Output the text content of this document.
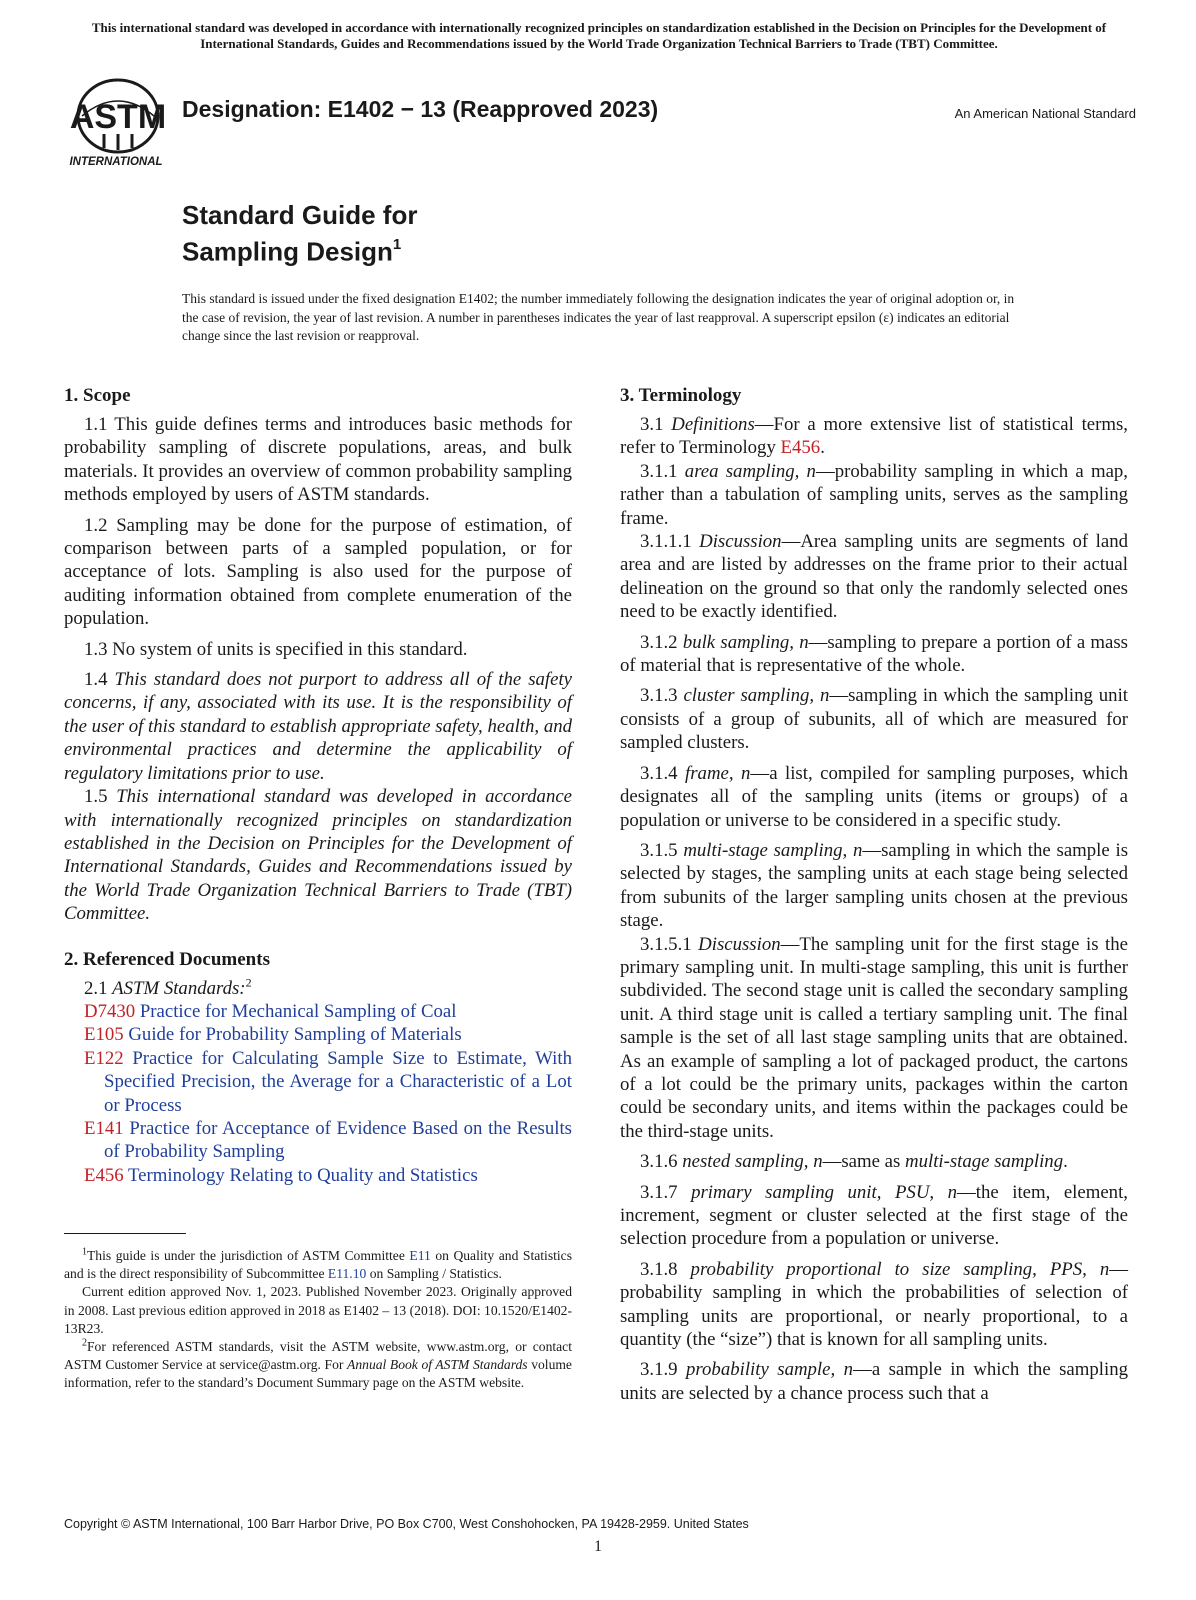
This international standard was developed in accordance with internationally recognized principles on standardization established in the Decision on Principles for the Development of International Standards, Guides and Recommendations issued by the World Trade Organization Technical Barriers to Trade (TBT) Committee.
ASTM
INTERNATIONAL
Designation: E1402 − 13 (Reapproved 2023)	An American National Standard
Standard Guide for
Sampling Design$^1$
This standard is issued under the fixed designation E1402; the number immediately following the designation indicates the year of original adoption or, in the case of revision, the year of last revision. A number in parentheses indicates the year of last reapproval. A superscript epsilon (ε) indicates an editorial change since the last revision or reapproval.
1. Scope

1.1 This guide defines terms and introduces basic methods for probability sampling of discrete populations, areas, and bulk materials. It provides an overview of common probability sampling methods employed by users of ASTM standards.

1.2 Sampling may be done for the purpose of estimation, of comparison between parts of a sampled population, or for acceptance of lots. Sampling is also used for the purpose of auditing information obtained from complete enumeration of the population.

1.3 No system of units is specified in this standard.

1.4 This standard does not purport to address all of the safety concerns, if any, associated with its use. It is the responsibility of the user of this standard to establish appropriate safety, health, and environmental practices and determine the applicability of regulatory limitations prior to use.

1.5 This international standard was developed in accordance with internationally recognized principles on standardization established in the Decision on Principles for the Development of International Standards, Guides and Recommendations issued by the World Trade Organization Technical Barriers to Trade (TBT) Committee.

2. Referenced Documents

2.1 ASTM Standards:$^2$

D7430 Practice for Mechanical Sampling of Coal

E105 Guide for Probability Sampling of Materials

E122 Practice for Calculating Sample Size to Estimate, With Specified Precision, the Average for a Characteristic of a Lot or Process

E141 Practice for Acceptance of Evidence Based on the Results of Probability Sampling

E456 Terminology Relating to Quality and Statistics

$^1$This guide is under the jurisdiction of ASTM Committee E11 on Quality and Statistics and is the direct responsibility of Subcommittee E11.10 on Sampling / Statistics.

Current edition approved Nov. 1, 2023. Published November 2023. Originally approved in 2008. Last previous edition approved in 2018 as E1402 – 13 (2018). DOI: 10.1520/E1402-13R23.

$^2$For referenced ASTM standards, visit the ASTM website, www.astm.org, or contact ASTM Customer Service at service@astm.org. For Annual Book of ASTM Standards volume information, refer to the standard’s Document Summary page on the ASTM website.

3. Terminology

3.1 Definitions—For a more extensive list of statistical terms, refer to Terminology E456.

3.1.1 area sampling, n—probability sampling in which a map, rather than a tabulation of sampling units, serves as the sampling frame.

3.1.1.1 Discussion—Area sampling units are segments of land area and are listed by addresses on the frame prior to their actual delineation on the ground so that only the randomly selected ones need to be exactly identified.

3.1.2 bulk sampling, n—sampling to prepare a portion of a mass of material that is representative of the whole.

3.1.3 cluster sampling, n—sampling in which the sampling unit consists of a group of subunits, all of which are measured for sampled clusters.

3.1.4 frame, n—a list, compiled for sampling purposes, which designates all of the sampling units (items or groups) of a population or universe to be considered in a specific study.

3.1.5 multi-stage sampling, n—sampling in which the sample is selected by stages, the sampling units at each stage being selected from subunits of the larger sampling units chosen at the previous stage.

3.1.5.1 Discussion—The sampling unit for the first stage is the primary sampling unit. In multi-stage sampling, this unit is further subdivided. The second stage unit is called the secondary sampling unit. A third stage unit is called a tertiary sampling unit. The final sample is the set of all last stage sampling units that are obtained. As an example of sampling a lot of packaged product, the cartons of a lot could be the primary units, packages within the carton could be secondary units, and items within the packages could be the third-stage units.

3.1.6 nested sampling, n—same as multi-stage sampling.

3.1.7 primary sampling unit, PSU, n—the item, element, increment, segment or cluster selected at the first stage of the selection procedure from a population or universe.

3.1.8 probability proportional to size sampling, PPS, n—probability sampling in which the probabilities of selection of sampling units are proportional, or nearly proportional, to a quantity (the “size”) that is known for all sampling units.

3.1.9 probability sample, n—a sample in which the sampling units are selected by a chance process such that a

Copyright © ASTM International, 100 Barr Harbor Drive, PO Box C700, West Conshohocken, PA 19428-2959. United States
1
